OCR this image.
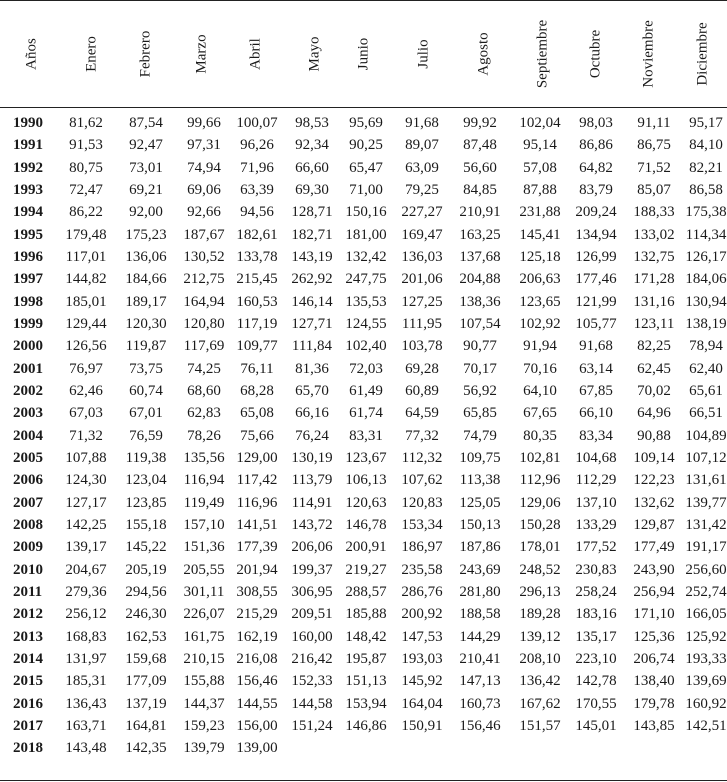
Años	Enero	Febrero	Marzo	Abril	Mayo Junio	Julio	Agosto	Septiembre Octubre Noviembre	Diciembre
1990	81,62	87,54	99,66	100,07	98,53	95,69	91,68	99,92	102,04	98,03	91,11	95,17
1991	91,53	92,47	97,31	96,26	92,34	90,25	89,07	87,48	95,14	86,86	86,75	84,10
1992	80,75	73,01	74,94	71,96	66,60	65,47	63,09	56,60	57,08	64,82	71,52	82,21
1993	72,47	69,21	69,06	63,39	69,30	71,00	79,25	84,85	87,88	83,79	85,07	86,58
1994	86,22	92,00	92,66	94,56	128,71 150,16 227,27	210,91	231,88 209,24	188,33 175,38
1995	179,48	175,23	187,67 182,61 182,71 181,00 169,47	163,25	145,41 134,94	133,02 114,34
1996	117,01	136,06	130,52 133,78 143,19 132,42 136,03	137,68	125,18 126,99	132,75 126,17
1997	144,82	184,66	212,75 215,45 262,92 247,75 201,06	204,88	206,63 177,46	171,28 184,06
1998	185,01	189,17	164,94 160,53 146,14 135,53 127,25	138,36	123,65 121,99	131,16 130,94
1999	129,44	120,30	120,80 117,19 127,71 124,55	111,95	107,54	102,92 105,77	123,11 138,19
2000	126,56	119,87	117,69 109,77 111,84 102,40 103,78	90,77	91,94	91,68	82,25	78,94
2001	76,97	73,75	74,25	76,11	81,36	72,03	69,28	70,17	70,16	63,14	62,45	62,40
2002	62,46	60,74	68,60	68,28	65,70	61,49	60,89	56,92	64,10	67,85	70,02	65,61
2003	67,03	67,01	62,83	65,08	66,16	61,74	64,59	65,85	67,65	66,10	64,96	66,51
2004	71,32	76,59	78,26	75,66	76,24	83,31	77,32	74,79	80,35	83,34	90,88 104,89
2005	107,88	119,38	135,56 129,00 130,19 123,67	112,32	109,75	102,81 104,68	109,14 107,12
2006	124,30	123,04	116,94 117,42 113,79 106,13 107,62	113,38	112,96	112,29	122,23 131,61
2007	127,17	123,85	119,49 116,96 114,91 120,63 120,83	125,05	129,06 137,10	132,62 139,77
2008	142,25	155,18	157,10 141,51 143,72 146,78 153,34	150,13	150,28 133,29	129,87 131,42
2009	139,17	145,22	151,36 177,39 206,06 200,91 186,97	187,86	178,01 177,52	177,49 191,17
2010	204,67	205,19	205,55 201,94 199,37 219,27 235,58	243,69	248,52 230,83	243,90 256,60
2011	279,36	294,56	301,11 308,55 306,95 288,57 286,76	281,80	296,13 258,24	256,94 252,74
2012	256,12	246,30	226,07 215,29 209,51 185,88 200,92	188,58	189,28 183,16	171,10 166,05
2013	168,83	162,53	161,75 162,19 160,00 148,42 147,53	144,29	139,12 135,17	125,36 125,92
2014	131,97	159,68	210,15 216,08 216,42 195,87 193,03	210,41	208,10 223,10	206,74 193,33
2015	185,31	177,09	155,88 156,46 152,33 151,13 145,92	147,13	136,42 142,78	138,40 139,69
2016	136,43	137,19	144,37 144,55 144,58 153,94 164,04	160,73	167,62 170,55	179,78 160,92
2017	163,71	164,81	159,23 156,00 151,24 146,86 150,91	156,46	151,57 145,01	143,85 142,51
2018	143,48	142,35	139,79 139,00
